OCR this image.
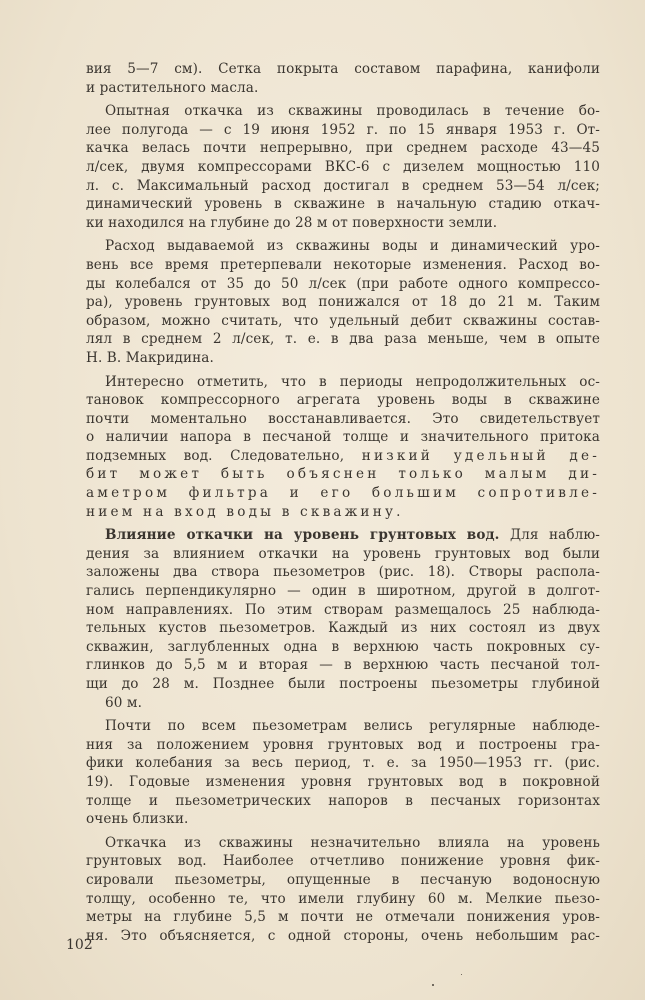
вия 5—7 см). Сетка покрыта составом парафина, канифоли
и растительного масла.

Опытная откачка из скважины проводилась в течение бо-
лее полугода — с 19 июня 1952 г. по 15 января 1953 г. От-
качка велась почти непрерывно, при среднем расходе 43—45
л/сек, двумя компрессорами ВКС-6 с дизелем мощностью 110
л. с. Максимальный расход достигал в среднем 53—54 л/сек;
динамический уровень в скважине в начальную стадию откач-
ки находился на глубине до 28 м от поверхности земли.

Расход выдаваемой из скважины воды и динамический уро-
вень все время претерпевали некоторые изменения. Расход во-
ды колебался от 35 до 50 л/сек (при работе одного компрессо-
ра), уровень грунтовых вод понижался от 18 до 21 м. Таким
образом, можно считать, что удельный дебит скважины состав-
лял в среднем 2 л/сек, т. е. в два раза меньше, чем в опыте
Н. В. Макридина.

Интересно отметить, что в периоды непродолжительных ос-
тановок компрессорного агрегата уровень воды в скважине
почти моментально восстанавливается. Это свидетельствует
о наличии напора в песчаной толще и значительного притока
подземных вод. Следовательно, низкий удельный де-
бит может быть объяснен только малым ди-
аметром фильтра и его большим сопротивле-
нием на вход воды в скважину.

Влияние откачки на уровень грунтовых вод. Для наблю-
дения за влиянием откачки на уровень грунтовых вод были
заложены два створа пьезометров (рис. 18). Створы распола-
гались перпендикулярно — один в широтном, другой в долгот-
ном направлениях. По этим створам размещалось 25 наблюда-
тельных кустов пьезометров. Каждый из них состоял из двух
скважин, заглубленных одна в верхнюю часть покровных су-
глинков до 5,5 м и вторая — в верхнюю часть песчаной тол-
щи до 28 м. Позднее были построены пьезометры глубиной
60 м.

Почти по всем пьезометрам велись регулярные наблюде-
ния за положением уровня грунтовых вод и построены гра-
фики колебания за весь период, т. е. за 1950—1953 гг. (рис.
19). Годовые изменения уровня грунтовых вод в покровной
толще и пьезометрических напоров в песчаных горизонтах
очень близки.

Откачка из скважины незначительно влияла на уровень
грунтовых вод. Наиболее отчетливо понижение уровня фик-
сировали пьезометры, опущенные в песчаную водоносную
толщу, особенно те, что имели глубину 60 м. Мелкие пьезо-
метры на глубине 5,5 м почти не отмечали понижения уров-
ня. Это объясняется, с одной стороны, очень небольшим рас-

102
